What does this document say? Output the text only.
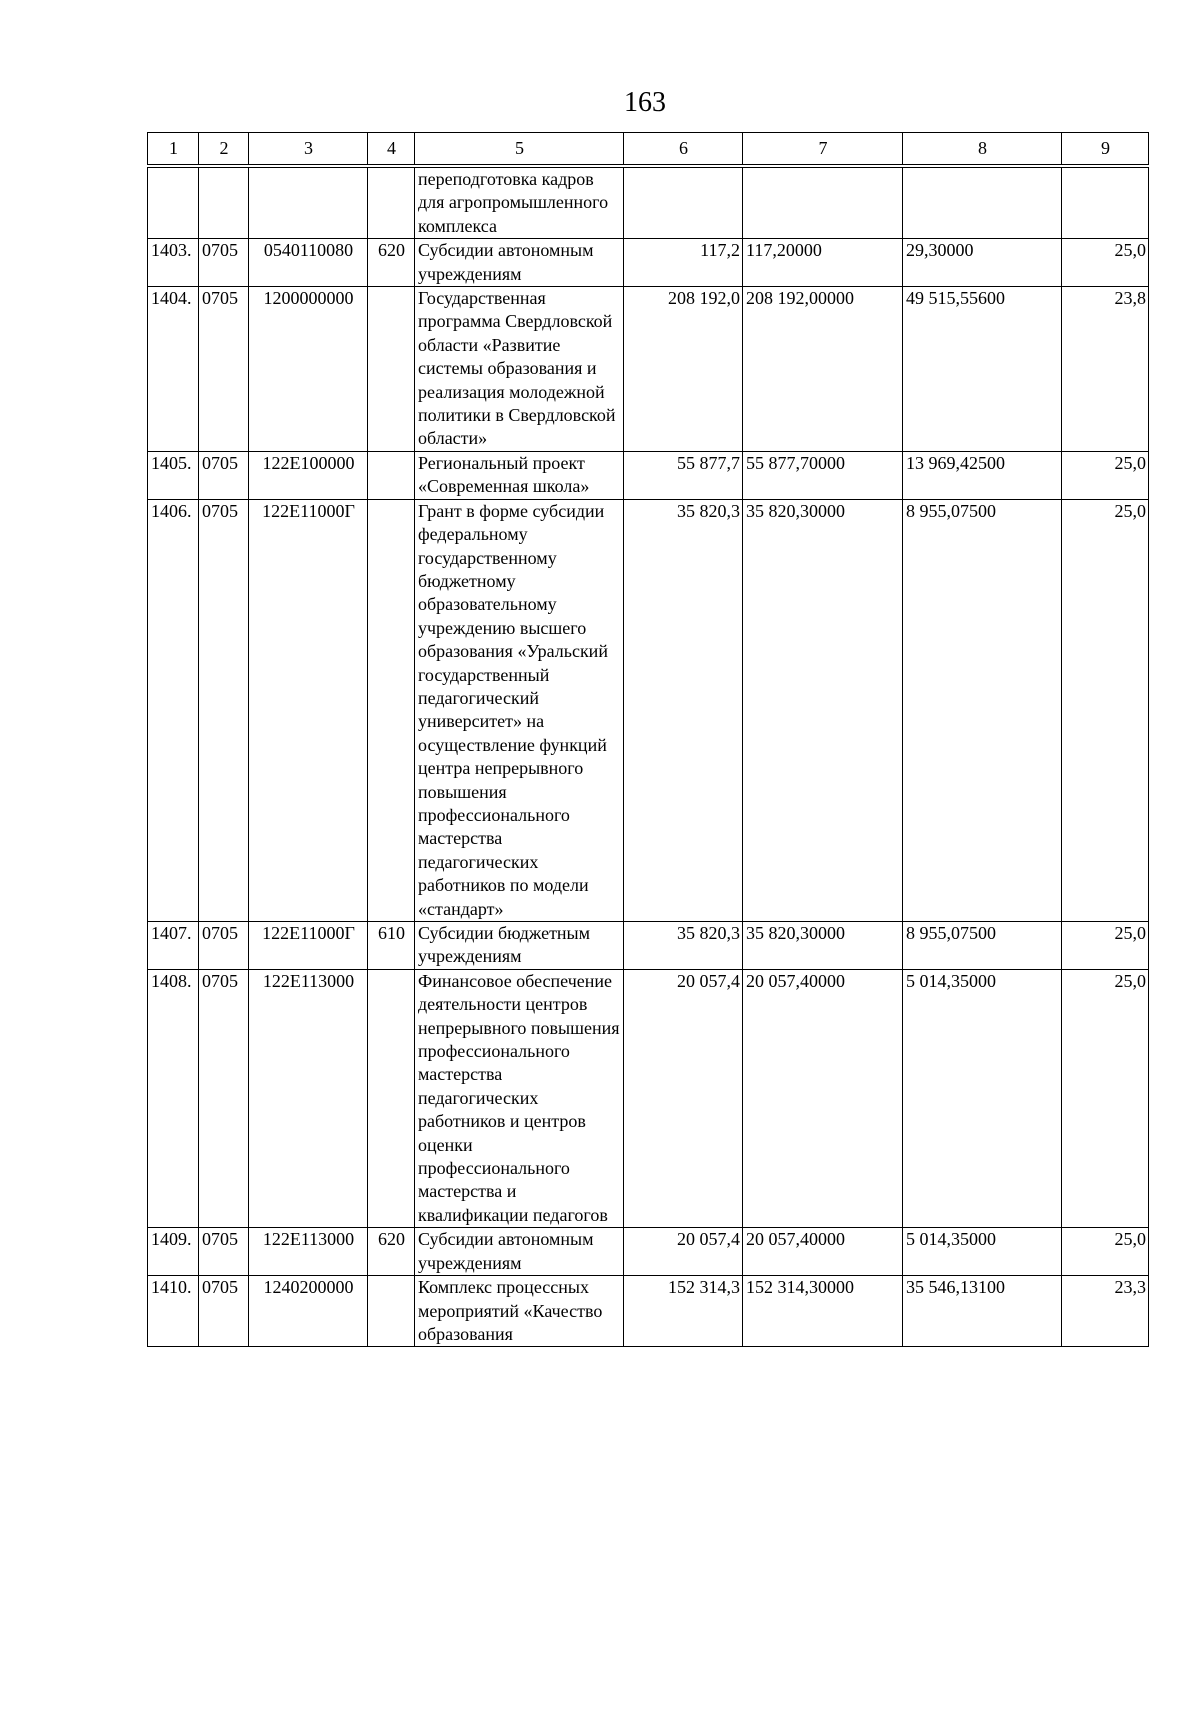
163
1	2	3	4	5	6	7	8	9
				переподготовка кадров для агропромышленного комплекса				
1403.	0705	0540110080	620	Субсидии автономным учреждениям	117,2	117,20000	29,30000	25,0
1404.	0705	1200000000		Государственная программа Свердловской области «Развитие системы образования и реализация молодежной политики в Свердловской области»	208 192,0	208 192,00000	49 515,55600	23,8
1405.	0705	122E100000		Региональный проект «Современная школа»	55 877,7	55 877,70000	13 969,42500	25,0
1406.	0705	122E11000Г		Грант в форме субсидии федеральному государственному бюджетному образовательному учреждению высшего образования «Уральский государственный педагогический университет» на осуществление функций центра непрерывного повышения профессионального мастерства педагогических работников по модели «стандарт»	35 820,3	35 820,30000	8 955,07500	25,0
1407.	0705	122E11000Г	610	Субсидии бюджетным учреждениям	35 820,3	35 820,30000	8 955,07500	25,0
1408.	0705	122E113000		Финансовое обеспечение деятельности центров непрерывного повышения профессионального мастерства педагогических работников и центров оценки профессионального мастерства и квалификации педагогов	20 057,4	20 057,40000	5 014,35000	25,0
1409.	0705	122E113000	620	Субсидии автономным учреждениям	20 057,4	20 057,40000	5 014,35000	25,0
1410.	0705	1240200000		Комплекс процессных мероприятий «Качество образования	152 314,3	152 314,30000	35 546,13100	23,3
